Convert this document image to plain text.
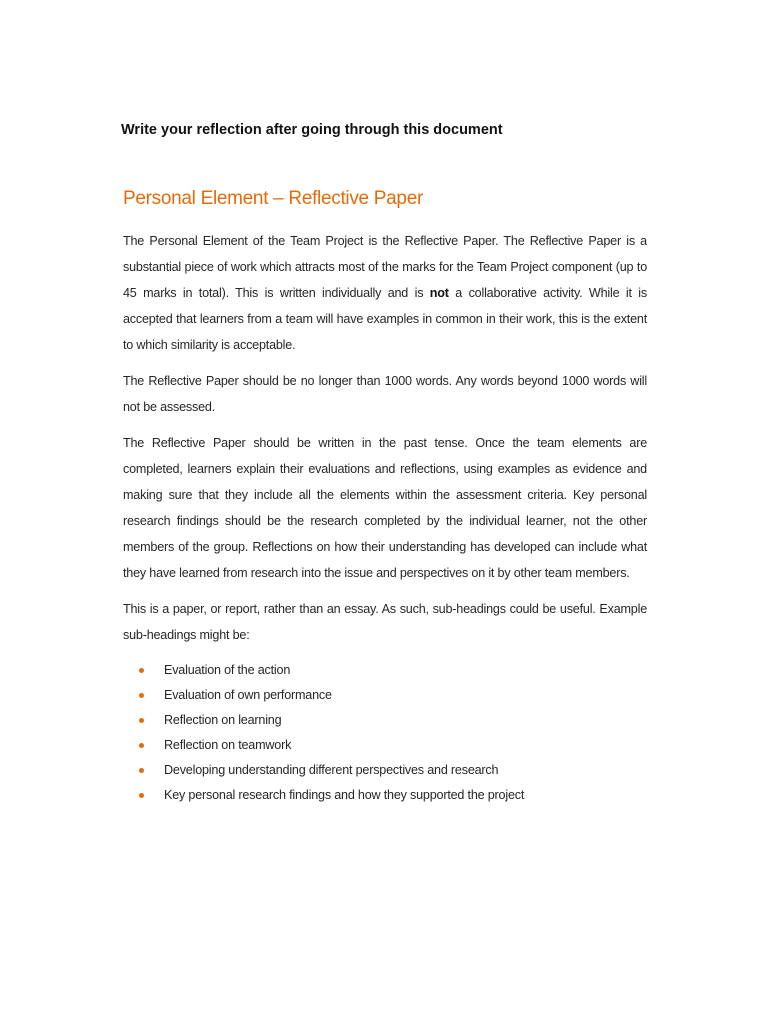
Write your reflection after going through this document

Personal Element – Reflective Paper

The Personal Element of the Team Project is the Reflective Paper. The Reflective Paper is a substantial piece of work which attracts most of the marks for the Team Project component (up to 45 marks in total). This is written individually and is not a collaborative activity. While it is accepted that learners from a team will have examples in common in their work, this is the extent to which similarity is acceptable.

The Reflective Paper should be no longer than 1000 words. Any words beyond 1000 words will not be assessed.

The Reflective Paper should be written in the past tense. Once the team elements are completed, learners explain their evaluations and reflections, using examples as evidence and making sure that they include all the elements within the assessment criteria. Key personal research findings should be the research completed by the individual learner, not the other members of the group. Reflections on how their understanding has developed can include what they have learned from research into the issue and perspectives on it by other team members.

This is a paper, or report, rather than an essay. As such, sub-headings could be useful. Example sub-headings might be:

Evaluation of the action
Evaluation of own performance
Reflection on learning
Reflection on teamwork
Developing understanding different perspectives and research
Key personal research findings and how they supported the project
